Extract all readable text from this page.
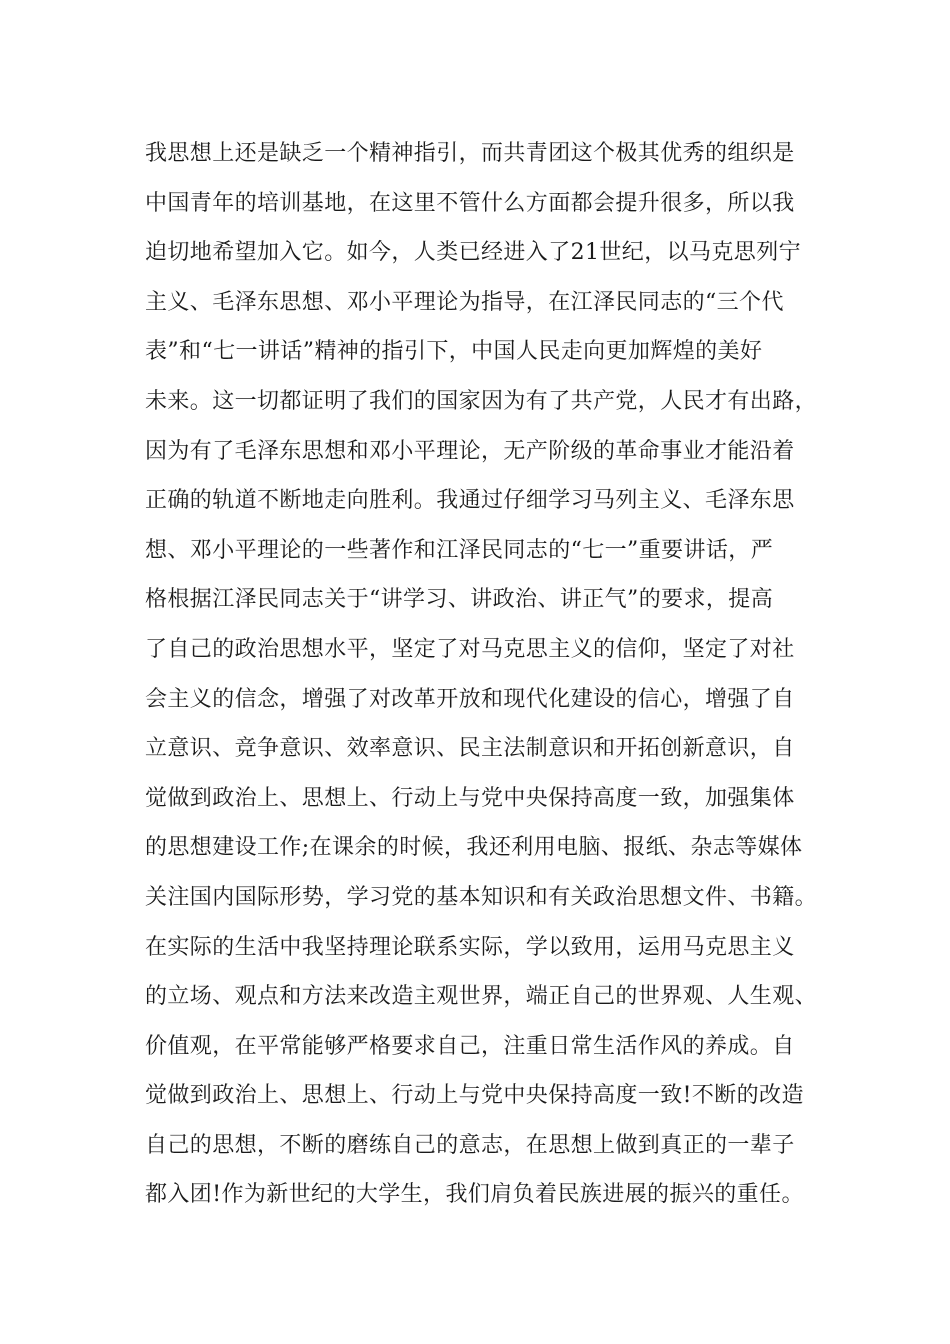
我思想上还是缺乏一个精神指引，而共青团这个极其优秀的组织是
中国青年的培训基地，在这里不管什么方面都会提升很多，所以我
迫切地希望加入它。如今，人类已经进入了21世纪，以马克思列宁
主义、毛泽东思想、邓小平理论为指导，在江泽民同志的“三个代
表”和“七一讲话”精神的指引下，中国人民走向更加辉煌的美好
未来。这一切都证明了我们的国家因为有了共产党，人民才有出路，
因为有了毛泽东思想和邓小平理论，无产阶级的革命事业才能沿着
正确的轨道不断地走向胜利。我通过仔细学习马列主义、毛泽东思
想、邓小平理论的一些著作和江泽民同志的“七一”重要讲话，严
格根据江泽民同志关于“讲学习、讲政治、讲正气”的要求，提高
了自己的政治思想水平，坚定了对马克思主义的信仰，坚定了对社
会主义的信念，增强了对改革开放和现代化建设的信心，增强了自
立意识、竞争意识、效率意识、民主法制意识和开拓创新意识，自
觉做到政治上、思想上、行动上与党中央保持高度一致，加强集体
的思想建设工作;在课余的时候，我还利用电脑、报纸、杂志等媒体
关注国内国际形势，学习党的基本知识和有关政治思想文件、书籍。
在实际的生活中我坚持理论联系实际，学以致用，运用马克思主义
的立场、观点和方法来改造主观世界，端正自己的世界观、人生观、
价值观，在平常能够严格要求自己，注重日常生活作风的养成。自
觉做到政治上、思想上、行动上与党中央保持高度一致!不断的改造
自己的思想，不断的磨练自己的意志，在思想上做到真正的一辈子
都入团!作为新世纪的大学生，我们肩负着民族进展的振兴的重任。
